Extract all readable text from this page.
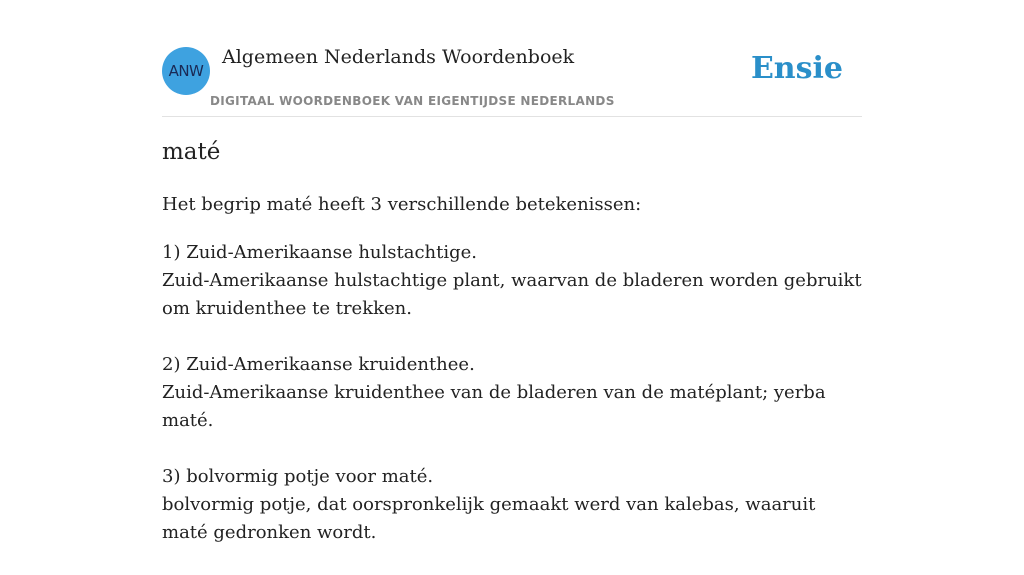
ANW
Algemeen Nederlands Woordenboek
DIGITAAL WOORDENBOEK VAN EIGENTIJDSE NEDERLANDS
Ensie
maté
Het begrip maté heeft 3 verschillende betekenissen:
1) Zuid-Amerikaanse hulstachtige.
Zuid-Amerikaanse hulstachtige plant, waarvan de bladeren worden gebruikt om kruidenthee te trekken.
2) Zuid-Amerikaanse kruidenthee.
Zuid-Amerikaanse kruidenthee van de bladeren van de matéplant; yerba maté.
3) bolvormig potje voor maté.
bolvormig potje, dat oorspronkelijk gemaakt werd van kalebas, waaruit maté gedronken wordt.
